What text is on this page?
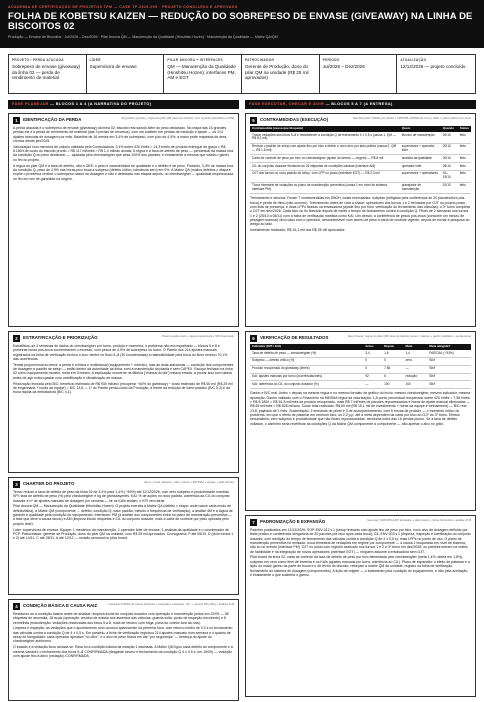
ACADEMIA DE CERTIFICAÇÃO DE PROJETOS TPM — CASE TP-2026-009 · PROJETO CONCLUÍDO E APROVADO
FOLHA DE KOBETSU KAIZEN — REDUÇÃO DO SOBREPESO DE ENVASE (GIVEAWAY) NA LINHA DE BISCOITOS 02
Produção — Envase de Biscoitos · Jul/2026 – Dez/2026 · Pilar âncora QM — Manutenção da Qualidade (Hinshitsu Hozen) · Manutenção da Qualidade — Matriz QA/QM
PROJETO / PERDA ATACADA
Sobrepeso de envase (giveaway) da linha 02 — perda de rendimento de material
LÍDER
Supervisora de envase
PILAR ÂNCORA + INTERFACES
QM — Manutenção da Qualidade (Hinshitsu Hozen); interfaces PM, AM e EGT
PATROCINADOR
Gerente de Produção, dono do pilar QM na unidade (R$ 25 mil aprovados)
PERÍODO
Jul/2026 – Dez/2026
ATUALIZAÇÃO
12/12/2026 — projeto concluído
FASE PLANEJAR — BLOCOS 1 A 4 (A NARRATIVA DO PROJETO)
1	IDENTIFICAÇÃO DA PERDA	(8 grandes perdas + régua do pilar QM (taxa de defeito), com a perda calculada em R$)
A perda atacada é o sobrepeso de envase (giveaway) da linha 02: biscoito real saindo além do peso declarado. No mapa das 16 grandes perdas ela é a perda de rendimento de material (das 3 perdas de recursos), com um subitem em perdas de medição e ajuste — os 214 ajustes manuais de dosagem por mês. Baseline de 16 meses em 3,4% de sobrepeso, com pico de 4,9%; a maior parte mapeada da área, crônica desde jan/2025.
Valorização com memória de cálculo validada pela Controladoria: 3,4% sobre 420 t/mês = 14,3 t/mês de produto entregue de graça × R$ 8.180/t de custo do biscoito pronto = R$ 117 mil/mês ≈ R$ 1,4 milhão anuais. A régua é a taxa de defeito de peso — percentual da massa fora da condição Q do peso declarado —, ajustada pelo checkweigher que pesa 100% dos pacotes; é exatamente a mesma que valida o ganho no fim do projeto.
A régua do pilar QM é a taxa de defeito, não a OEE: o peso é característica de qualidade e o defeito é de peso. Portanto, 3,4% de massa fora da condição Q, peso de 4,9% nas horas-pico boca a sobpeso (defeito crítico, tolerância zero) em 0%. A Matriz QA (muitos defeitos × etapa e expõe o problema central: o sobrepeso nasce na dosagem e não é detectado nas etapas depois, no checkweigher — qualidade inspecionada no fim em vez de garantida na origem.
2	ESTRATIFICAÇÃO E PRIORIZAÇÃO	Pareto perda custo + taxa proporcional + 5W observado
Estratificou-se 4 semanas de dados do checkweigher por turno, produto e momento; o problema não era espalhado — blocos 5 e 8 e primeiras horas pós-troca concentravam o excesso, com pesos de 4,5% de sobrepeso no turno. O Pareto dos 214 ajustes manuais registrados na folha de verificação fechou o ano: dentre os fluxo 5–8 (30 coordenadas) a rastreabilidade pela troca do fluxo revelou 70,1% das ocorrências.
Temas proporcional ao tema: a perda é crônica e multicausal (equipamento + método), mas as duas alavancas — condição dos componentes de dosagem e padrão de setup — estão dentro da autoridade da linha, com a manutenção da planta e sem CAPEX. Escopo fechado na linha 02 como equipamento modelo, meta em 3 meses. A explicação concerne na fábrica ("massa do dia") estava errada, a provar isso com dados antes de agir evitou gastar com umidificação e climatização de massa.
Priorização fechada pelo B/C: benefício estimado de R$ 930 mil/ano (recuperar ~60% do giveaway) ÷ custo estimado de R$ 60 mil (R$ 25 mil de engenharia + horas da equipe) = B/C 13,8 — 1º do Pareto perda-custo da Produção, à frente da redução de fome plástico (B/C 5,2) e da troca rápida da embaladora (B/C 4,1).
3	CHARTER DO PROJETO	tema + meta (objetivo, valor, prazo) + EP/VSM + equipe + pilar âncora
Tema: reduzir a taxa de defeito de peso da linha 02 de 3,4% para 1,4% (−59%) até 11/12/2026, com zero subpeso e produtividade mantida. KPI: taxa de defeito de peso (%) pelo checkweigher e kg de giveaway/mês. KAI: % de ações no novo padrão, aderência ao CIL do conjunto dosador e nº de ajustes manuais de dosagem por semana — se os KAIs andam, o KPI vem atrás.
Pilar âncora QM — Manutenção da Qualidade (Hinshitsu Hozen): O projeto exercita a Matriz QA (defeito × etapa: onde nasce cada modo de defeito/falha), a Matriz QM (componente → defeito, condição Q: valor padrão, método e frequência de verificação), a análise 4M e a lógica de garantir a qualidade pela condição do equipamento. Interfaces: PM (a análise dos componentes entra no plano de manutenção preventiva — a fase que deve a causa raccio) e AM (limpeza inicial, etiquetas e CIL do conjunto dosador, mais a carta de controle por peso operada pelo próprio time).
Líder: supervisora de envase. Equipe: 1 mecânico da manutenção, 1 operador líder de envase, 1 analista da qualidade e o coordenador de PCP. Patrocinador: gerente de Produção, dono do pilar QM na unidade, com R$ 25 mil aprovados. Cronograma: P até 05/10, D (ciclo turnos 1 e 2) até 14/11, C até 28/11, A até 12/12 — revisão semanal no pilar board.
4	CONDIÇÃO BÁSICA E CAUSA RAIZ	restaurar ANTES de mexer (limpeza e inspeção), etiquetas, CIL — depois Why-Why / análise P-M
Restaurou-se a condição básica antes de analisar: limpeza inicial do conjunto dosador com operação e manutenção juntos em 22/09 — 38 etiquetas de anomalia, 18 azuis (operação: resíduo de massa nos assentos das válvulas, guarda solta, ponto de inspeção encoberto) e 8 vermelhas (manutenção: vedações ressecadas dos bicos 5 a 8, mola de retorno com folga, porta do coletor fora da rota).
Limpeza e inspeção: as vedações que o apontamento novo acusou apareceram na primeira hora, com retorno médio de 0,3 s no fechamento das válvulas contra a condição Q de 4 ± 0,5 s. Em paralelo, a fiche de verificação registrou 214 ajustes manuais num semana e o quadro de setup foi fotografado: cada operador ajustava "no olho", e o alvo de peso ficava em até "por segurança" — herança do ajuste do checkweigher autônomo.
O tratado e à vedação ficou achada se. Essa foi a condição básica da estação 1 assinada. A Matriz QM ligou cada defeito ao componente e à mesma variável: o fechamento dos bicos 5–8 CONFIRMADA (desgaste severo e fechamento da condição Q 4 ± 0,5 s, em 19/09) — vedação com ajuste fino a ativo (vedação) CONFIRMADA
FASE EXECUTAR, CHECAR E AGIR — BLOCOS 5 A 7 (A ENTREGA)
5	CONTRAMEDIDAS (EXECUÇÃO)	fase Executar: 5W2H por causa + LPP/OPL ANTES de virar o chão + plano-piloto com dono
Contramedida (causa que bloqueia)	Quem	Quando	Status
Trocar vedações dos bicos 5–8 e restabelecer a condição Q de fechamento 4 ± 0,5 s (causa 1, QM — R$ 8,2 mil)	técnico de manutenção	20/10	feito
Revisar o padrão de setup com ajuste fino por bico e definir o novo alvo por lado prático (causa 2, QM — R$ 1,5 mil)	supervisora + operador líder	20/10	feito
Carta de controle de peso por bico no checkweigher (ajuste do desvio — origem) — R$ 8 mil	analista da qualidade	20/10	feito
CIL do conjunto dosador fechando as 24 etiquetas de condições básicas (interface AM)	operador líder	28/10	feito
OJT dos turnos no novo padrão de setup, com LPP no posto (interface EGT) — R$ 2,3 mil	supervisora + operadores	15–19/10	feito
Troca trimestral de vedações no plano de manutenção preventiva (causa 1 em nível de sistema, interface PM)	planejador de manutenção	19/10	feito
Treinamento e desvios. Foram 7 contramedidas em 5W2H, todas executadas: subpeso (mitigado pela conferência de 20 pacotes/bico pós-troca) e perda de ritmo (não ocorreu). Treinamento antes de virar a chave: operadores dos turnos 1 e 2 treinados por OJT no próprio posto, com lista de presença, e duas LPPs fixadas na envasadora (ajuste fino por bico; verificação do fechamento das válvulas); o 3º turno completa o OJT em dez/2026. Cada bico ou fio liberado depois de medir o tempo de fechamento contra a condição Q. Piloto de 2 semanas nos turnos 1 e 2 (28/10 a 08/11) com a folha de verificação mantida como KAI. Um desvio: a conferência de pesos pós-troca (consome um minuto de pesagem manual) virou caso com o operador, desconfortável num acerto de peso à carta de controle vigente, depois de enviar a pesquisa ao amigo ao lado.
Investimento realizado: R$ 15,1 mil dos R$ 25 mil aprovados.
6	VERIFICAÇÃO DE RESULTADOS	fase Checar: régua do pilar QM (taxa de defeito) antes × depois + ganho validado + perda-custo
Indicador (KPI / KAI)	Antes	Depois	Meta	Meta atingida?
Taxa de defeito de peso — checkweigher (%)	3,4	1,6	1,4	PARCIAL (−53%)
Subpeso — defeito crítico (%)	0	0	zero	SIM
Produto recuperado do giveaway (t/mês)	0	7,56	—	SIM
KAI: ajustes manuais por turno (ocorrências/mês)	92	6	redução	SIM
KAI: aderência ao CIL do conjunto dosador (%)	—	100	100	SIM
Ganho e B/C real. Antes × depois na mesma régua e no mesmo formato de gráfico do início: mesmo checkweigher, mesmo indicador, mesma apuração. Ganho validado com o Financeiro na MESMA régua da valorização: 1,8 ponto percentual recuperado sobre 420 t/mês = 7,56 t/mês × R$ 8.180/t = R$ 61,8 mil/mês de produto recuperado, mais R$ 7 mil/mês de pacotes reprocessados e horas de ajuste manual eliminadas — R$ 69 mil/mês ≈ R$ 828 mil/ano. Custo total realizado: R$ 60 mil (R$ 15,1 mil de investimento + horas da equipe e treinamento) — B/C real 13,8, payback de 1 mês. Sustentação: 2 semanas de piloto e 3 de acompanhamento, com 6 frocas de produto — o momento crítico do problema, em que o efeito de patamar em nenhum bico; os 2,2 p.p. até a meta dependem da carta por bico ao OJT do 3º turno. Efeitos secundários: zero subpeso e produtividade que não foram reposicionadas, nenhuma outra das 16 perdas piorou. Se a taxa de defeito voltasse, o caminho seria reverificar as condições Q da Matriz QM componente a componente — não apertar o alvo no grão.
7	PADRONIZAÇÃO E EXPANSÃO	fase Agir: SOP/OPL/LPP treinados + pilar board + rotina horizontal + análise P-M
Padrões publicados em 12/12/2026: SOP-ENV-012 v.1 (setup revisado com ajuste fino de peso por bico, novo alvo de dosagem definido por teste prático e conferência obrigatória de 20 pacotes por bico após cada troca); CIL-ENV-003 v.1 (limpeza, inspeção e lubrificação do conjunto dosador, com medição do tempo de fechamento das válvulas contra a condição Q de 4 ± 0,5 s); mais LPPs no ponto de uso. O plano de manutenção preventiva foi revisado: troca trimestral de vedações em regime por componente — a causa 1 bloqueada em nível de sistema, não só no evento (interface PM). OJT no posto com registro assinado nos turnos 1 e 2 e 3º turno em dez/2026; os padrões entram na matriz de habilidade e na integração de novos operadores (interface EGT) — ninguém assume a envasadora sem OJT.
Pilar board da linha 02: carta de controle da taxa de defeito de peso por bico alimentada pelo checkweigher (meta 1,4%, alerta em 1,8%), subpeso em zero como item de barreira e os KAIs (ajustes manuais por turno, aderência ao CIL). Plano de expansão: o efeito de patamar e a lição do maior ganho da parte de bocal e o de fecho do biscoito, reforçam a matriz QM da unidade, registro na folha de verificação, fechamento do sistema de dosagem (componentes). A lição de origem — o tratamento pela condição do equipamento, e não pela aceitação, é exatamente o que sustenta o ganho.
